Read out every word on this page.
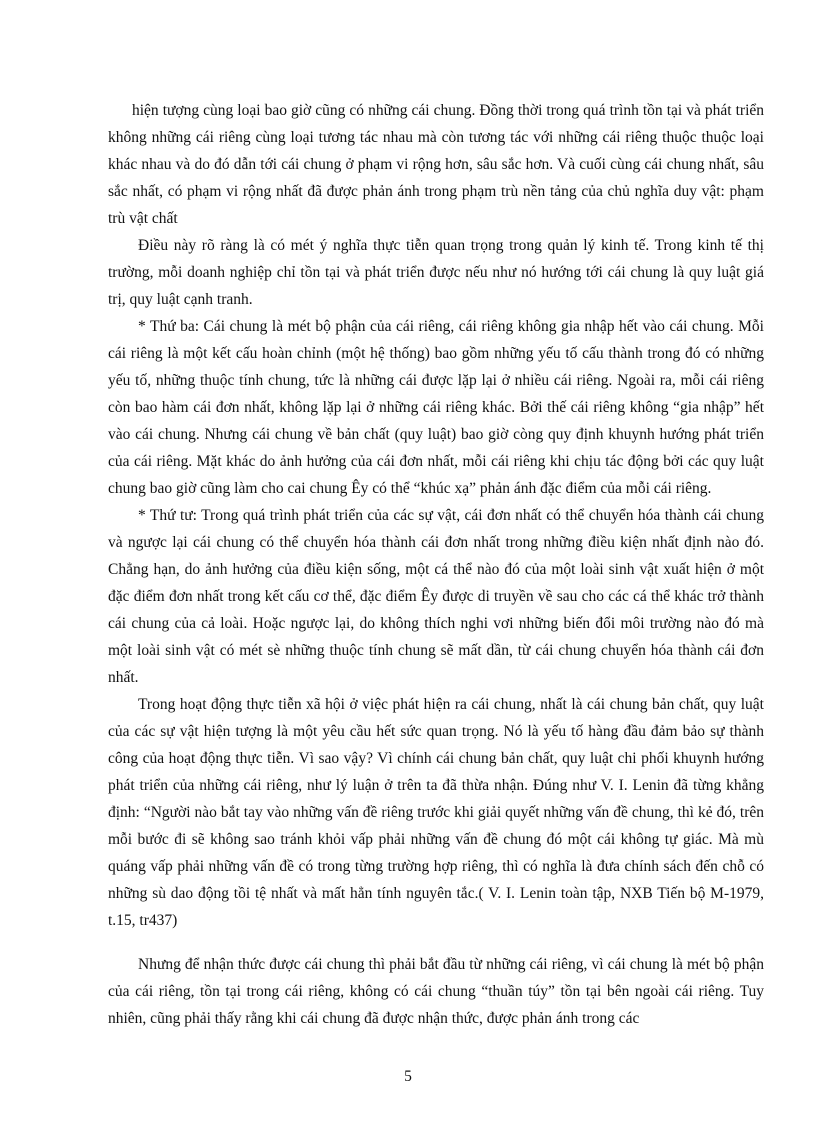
hiện tượng cùng loại bao giờ cũng có những cái chung. Đồng thời trong quá trình tồn tại và phát triển không những cái riêng cùng loại tương tác nhau mà còn tương tác với những cái riêng thuộc thuộc loại khác nhau và do đó dẫn tới cái chung ở phạm vi rộng hơn, sâu sắc hơn. Và cuối cùng cái chung nhất, sâu sắc nhất, có phạm vi rộng nhất đã được phản ánh trong phạm trù nền tảng của chủ nghĩa duy vật: phạm trù vật chất

Điều này rõ ràng là có mét ý nghĩa thực tiễn quan trọng trong quản lý kinh tế. Trong kinh tế thị trường, mỗi doanh nghiệp chỉ tồn tại và phát triển được nếu như nó hướng tới cái chung là quy luật giá trị, quy luật cạnh tranh.

* Thứ ba: Cái chung là mét bộ phận của cái riêng, cái riêng không gia nhập hết vào cái chung. Mỗi cái riêng là một kết cấu hoàn chỉnh (một hệ thống) bao gồm những yếu tố cấu thành trong đó có những yếu tố, những thuộc tính chung, tức là những cái được lặp lại ở nhiều cái riêng. Ngoài ra, mỗi cái riêng còn bao hàm cái đơn nhất, không lặp lại ở những cái riêng khác. Bởi thế cái riêng không “gia nhập” hết vào cái chung. Nhưng cái chung về bản chất (quy luật) bao giờ còng quy định khuynh hướng phát triển của cái riêng. Mặt khác do ảnh hưởng của cái đơn nhất, mỗi cái riêng khi chịu tác động bởi các quy luật chung bao giờ cũng làm cho cai chung Êy có thể “khúc xạ” phản ánh đặc điểm của mỗi cái riêng.

* Thứ tư: Trong quá trình phát triển của các sự vật, cái đơn nhất có thể chuyển hóa thành cái chung và ngược lại cái chung có thể chuyển hóa thành cái đơn nhất trong những điều kiện nhất định nào đó. Chẳng hạn, do ảnh hưởng của điều kiện sống, một cá thể nào đó của một loài sinh vật xuất hiện ở một đặc điểm đơn nhất trong kết cấu cơ thể, đặc điểm Êy được di truyền về sau cho các cá thể khác trở thành cái chung của cả loài. Hoặc ngược lại, do không thích nghi vơi những biến đổi môi trường nào đó mà một loài sinh vật có mét sè những thuộc tính chung sẽ mất dần, từ cái chung chuyển hóa thành cái đơn nhất.

Trong hoạt động thực tiễn xã hội ở việc phát hiện ra cái chung, nhất là cái chung bản chất, quy luật của các sự vật hiện tượng là một yêu cầu hết sức quan trọng. Nó là yếu tố hàng đầu đảm bảo sự thành công của hoạt động thực tiễn. Vì sao vậy? Vì chính cái chung bản chất, quy luật chi phối khuynh hướng phát triển của những cái riêng, như lý luận ở trên ta đã thừa nhận. Đúng như V. I. Lenin đã từng khẳng định: “Người nào bắt tay vào những vấn đề riêng trước khi giải quyết những vấn đề chung, thì kẻ đó, trên mỗi bước đi sẽ không sao tránh khỏi vấp phải những vấn đề chung đó một cái không tự giác. Mà mù quáng vấp phải những vấn đề có trong từng trường hợp riêng, thì có nghĩa là đưa chính sách đến chỗ có những sù dao động tồi tệ nhất và mất hẳn tính nguyên tắc.( V. I. Lenin toàn tập, NXB Tiến bộ M-1979, t.15, tr437)

Nhưng để nhận thức được cái chung thì phải bắt đầu từ những cái riêng, vì cái chung là mét bộ phận của cái riêng, tồn tại trong cái riêng, không có cái chung “thuần túy” tồn tại bên ngoài cái riêng. Tuy nhiên, cũng phải thấy rằng khi cái chung đã được nhận thức, được phản ánh trong các

5
